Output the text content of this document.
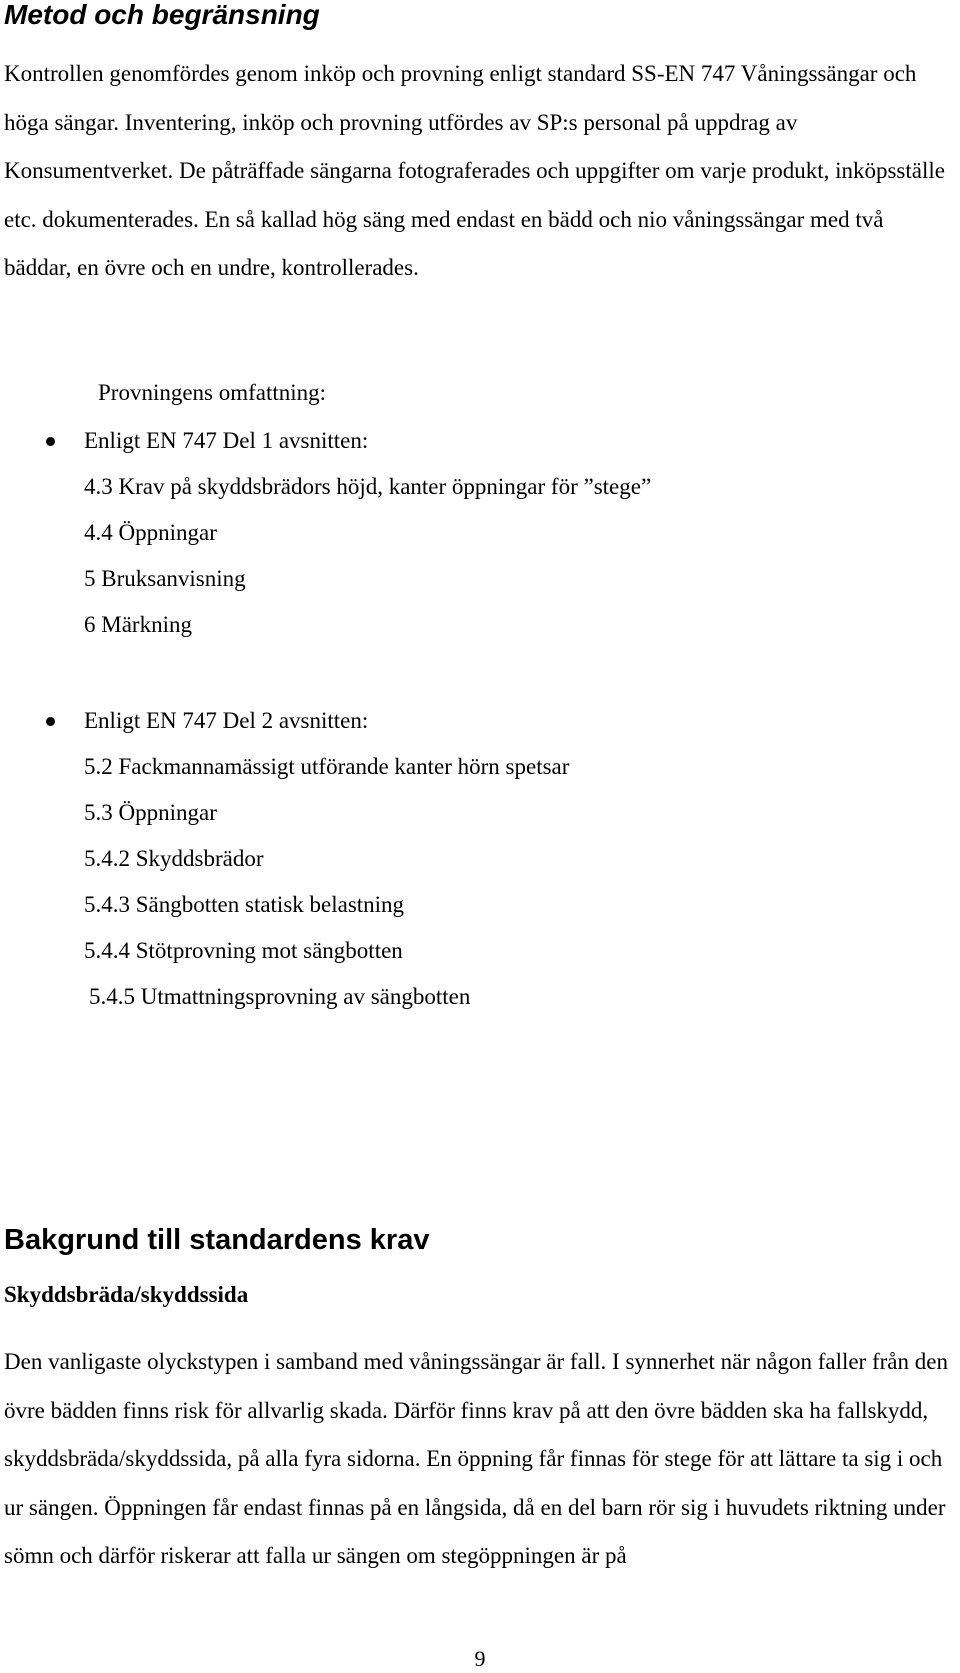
Metod och begränsning

Kontrollen genomfördes genom inköp och provning enligt standard SS-EN 747 Våningssängar och höga sängar. Inventering, inköp och provning utfördes av SP:s personal på uppdrag av Konsumentverket. De påträffade sängarna fotograferades och uppgifter om varje produkt, inköpsställe etc. dokumenterades. En så kallad hög säng med endast en bädd och nio våningssängar med två bäddar, en övre och en undre, kontrollerades.

Provningens omfattning:
Enligt EN 747 Del 1 avsnitten:
4.3 Krav på skyddsbrädors höjd, kanter öppningar för ”stege”
4.4 Öppningar
5 Bruksanvisning
6 Märkning
Enligt EN 747 Del 2 avsnitten:
5.2 Fackmannamässigt utförande kanter hörn spetsar
5.3 Öppningar
5.4.2 Skyddsbrädor
5.4.3 Sängbotten statisk belastning
5.4.4 Stötprovning mot sängbotten
5.4.5 Utmattningsprovning av sängbotten
Bakgrund till standardens krav
Skyddsbräda/skyddssida

Den vanligaste olyckstypen i samband med våningssängar är fall. I synnerhet när någon faller från den övre bädden finns risk för allvarlig skada. Därför finns krav på att den övre bädden ska ha fallskydd, skyddsbräda/skyddssida, på alla fyra sidorna. En öppning får finnas för stege för att lättare ta sig i och ur sängen. Öppningen får endast finnas på en långsida, då en del barn rör sig i huvudets riktning under sömn och därför riskerar att falla ur sängen om stegöppningen är på

9
